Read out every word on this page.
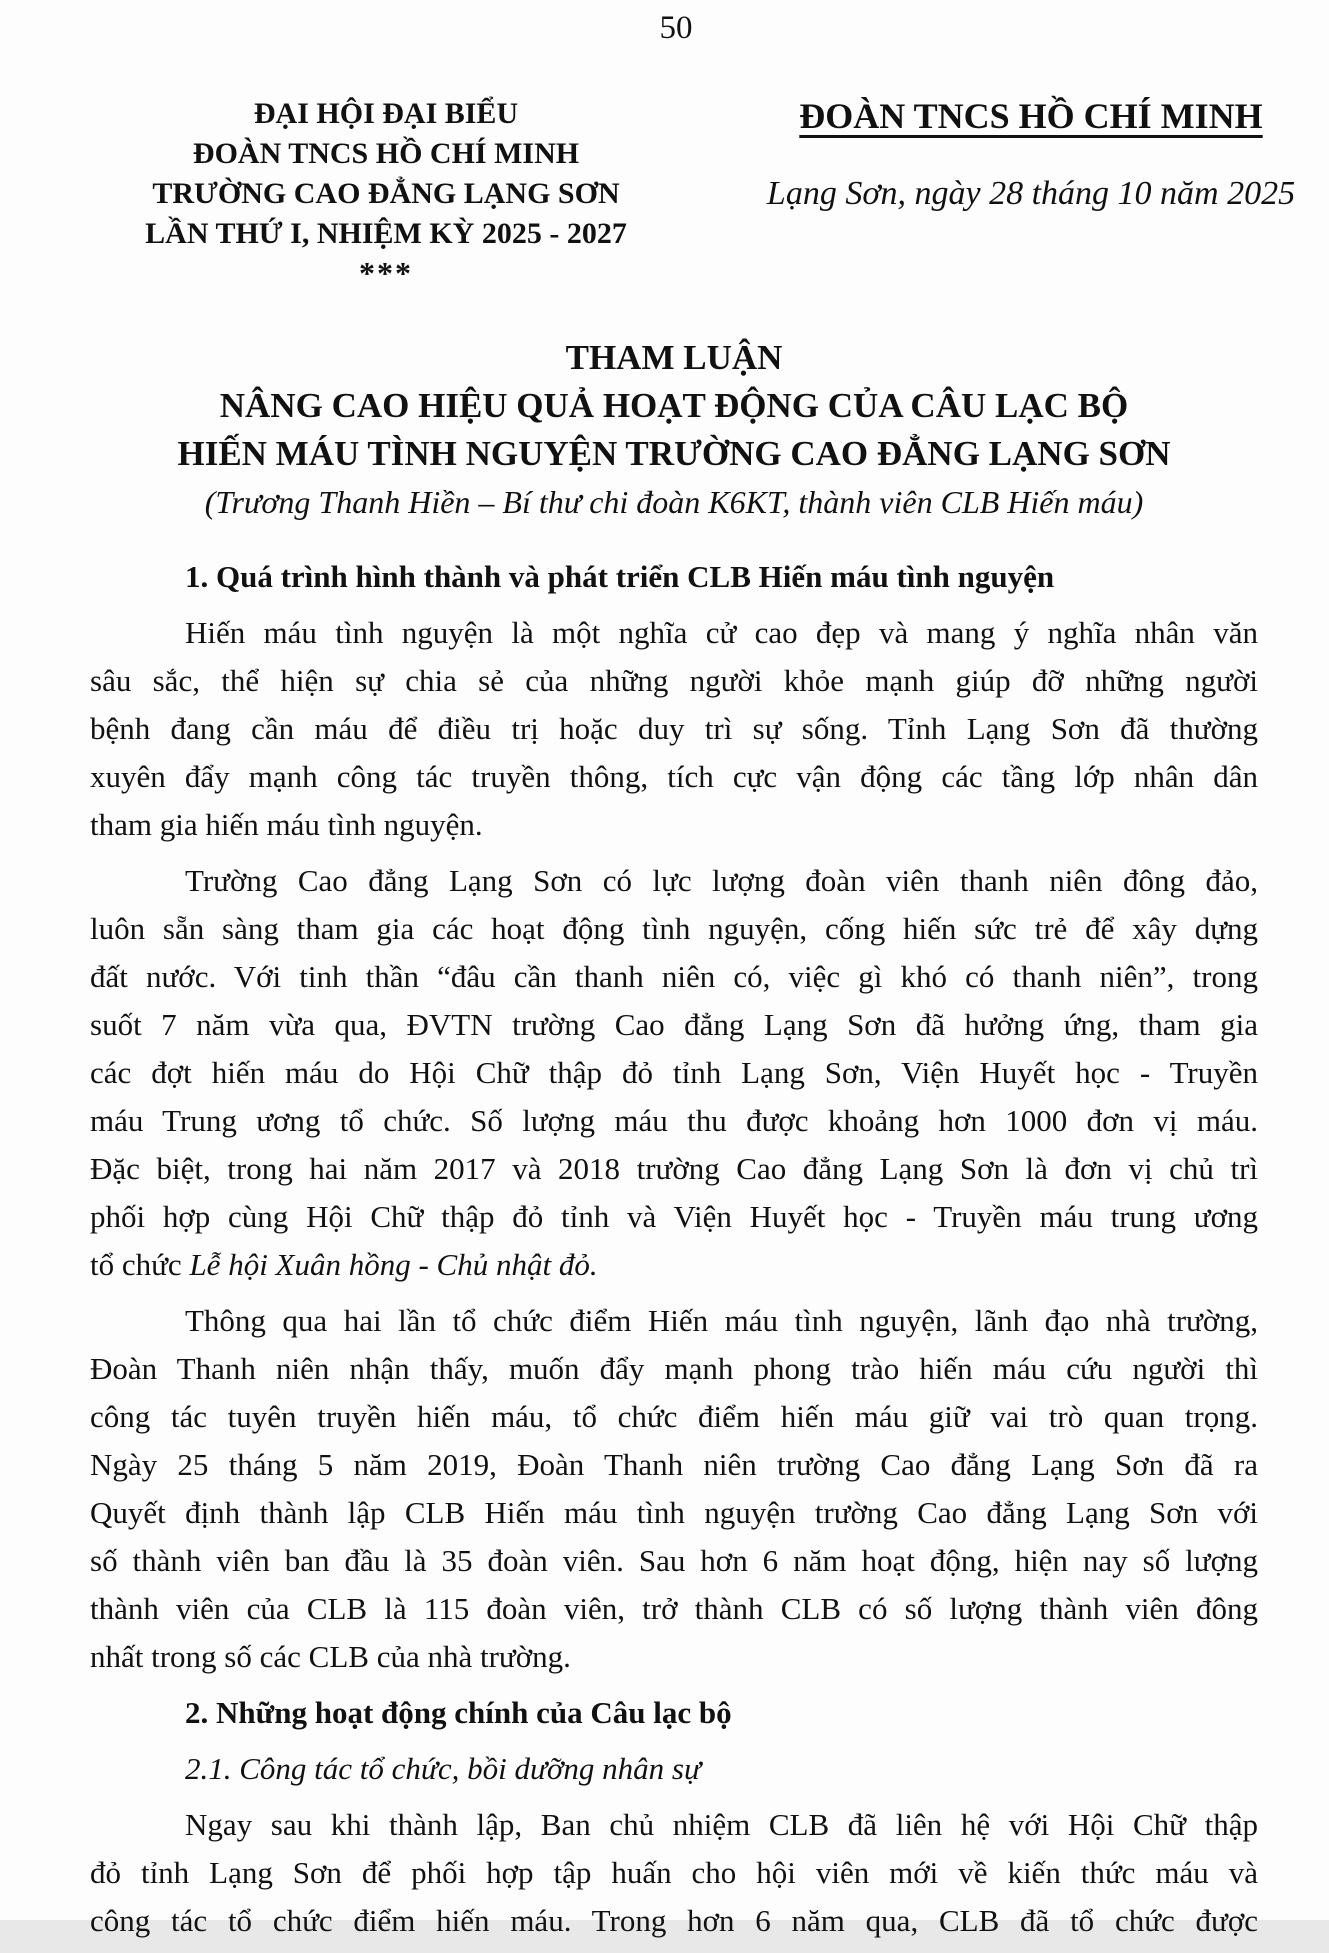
50
ĐẠI HỘI ĐẠI BIỂU
ĐOÀN TNCS HỒ CHÍ MINH
TRƯỜNG CAO ĐẲNG LẠNG SƠN
LẦN THỨ I, NHIỆM KỲ 2025 - 2027
***
ĐOÀN TNCS HỒ CHÍ MINH
Lạng Sơn, ngày 28 tháng 10 năm 2025
THAM LUẬN
NÂNG CAO HIỆU QUẢ HOẠT ĐỘNG CỦA CÂU LẠC BỘ
HIẾN MÁU TÌNH NGUYỆN TRƯỜNG CAO ĐẲNG LẠNG SƠN
(Trương Thanh Hiền – Bí thư chi đoàn K6KT, thành viên CLB Hiến máu)
1. Quá trình hình thành và phát triển CLB Hiến máu tình nguyện
Hiến máu tình nguyện là một nghĩa cử cao đẹp và mang ý nghĩa nhân văn
sâu sắc, thể hiện sự chia sẻ của những người khỏe mạnh giúp đỡ những người
bệnh đang cần máu để điều trị hoặc duy trì sự sống. Tỉnh Lạng Sơn đã thường
xuyên đẩy mạnh công tác truyền thông, tích cực vận động các tầng lớp nhân dân
tham gia hiến máu tình nguyện.
Trường Cao đẳng Lạng Sơn có lực lượng đoàn viên thanh niên đông đảo,
luôn sẵn sàng tham gia các hoạt động tình nguyện, cống hiến sức trẻ để xây dựng
đất nước. Với tinh thần “đâu cần thanh niên có, việc gì khó có thanh niên”, trong
suốt 7 năm vừa qua, ĐVTN trường Cao đẳng Lạng Sơn đã hưởng ứng, tham gia
các đợt hiến máu do Hội Chữ thập đỏ tỉnh Lạng Sơn, Viện Huyết học - Truyền
máu Trung ương tổ chức. Số lượng máu thu được khoảng hơn 1000 đơn vị máu.
Đặc biệt, trong hai năm 2017 và 2018 trường Cao đẳng Lạng Sơn là đơn vị chủ trì
phối hợp cùng Hội Chữ thập đỏ tỉnh và Viện Huyết học - Truyền máu trung ương
tổ chức Lễ hội Xuân hồng - Chủ nhật đỏ.
Thông qua hai lần tổ chức điểm Hiến máu tình nguyện, lãnh đạo nhà trường,
Đoàn Thanh niên nhận thấy, muốn đẩy mạnh phong trào hiến máu cứu người thì
công tác tuyên truyền hiến máu, tổ chức điểm hiến máu giữ vai trò quan trọng.
Ngày 25 tháng 5 năm 2019, Đoàn Thanh niên trường Cao đẳng Lạng Sơn đã ra
Quyết định thành lập CLB Hiến máu tình nguyện trường Cao đẳng Lạng Sơn với
số thành viên ban đầu là 35 đoàn viên. Sau hơn 6 năm hoạt động, hiện nay số lượng
thành viên của CLB là 115 đoàn viên, trở thành CLB có số lượng thành viên đông
nhất trong số các CLB của nhà trường.
2. Những hoạt động chính của Câu lạc bộ
2.1. Công tác tổ chức, bồi dưỡng nhân sự
Ngay sau khi thành lập, Ban chủ nhiệm CLB đã liên hệ với Hội Chữ thập
đỏ tỉnh Lạng Sơn để phối hợp tập huấn cho hội viên mới về kiến thức máu và
công tác tổ chức điểm hiến máu. Trong hơn 6 năm qua, CLB đã tổ chức được
